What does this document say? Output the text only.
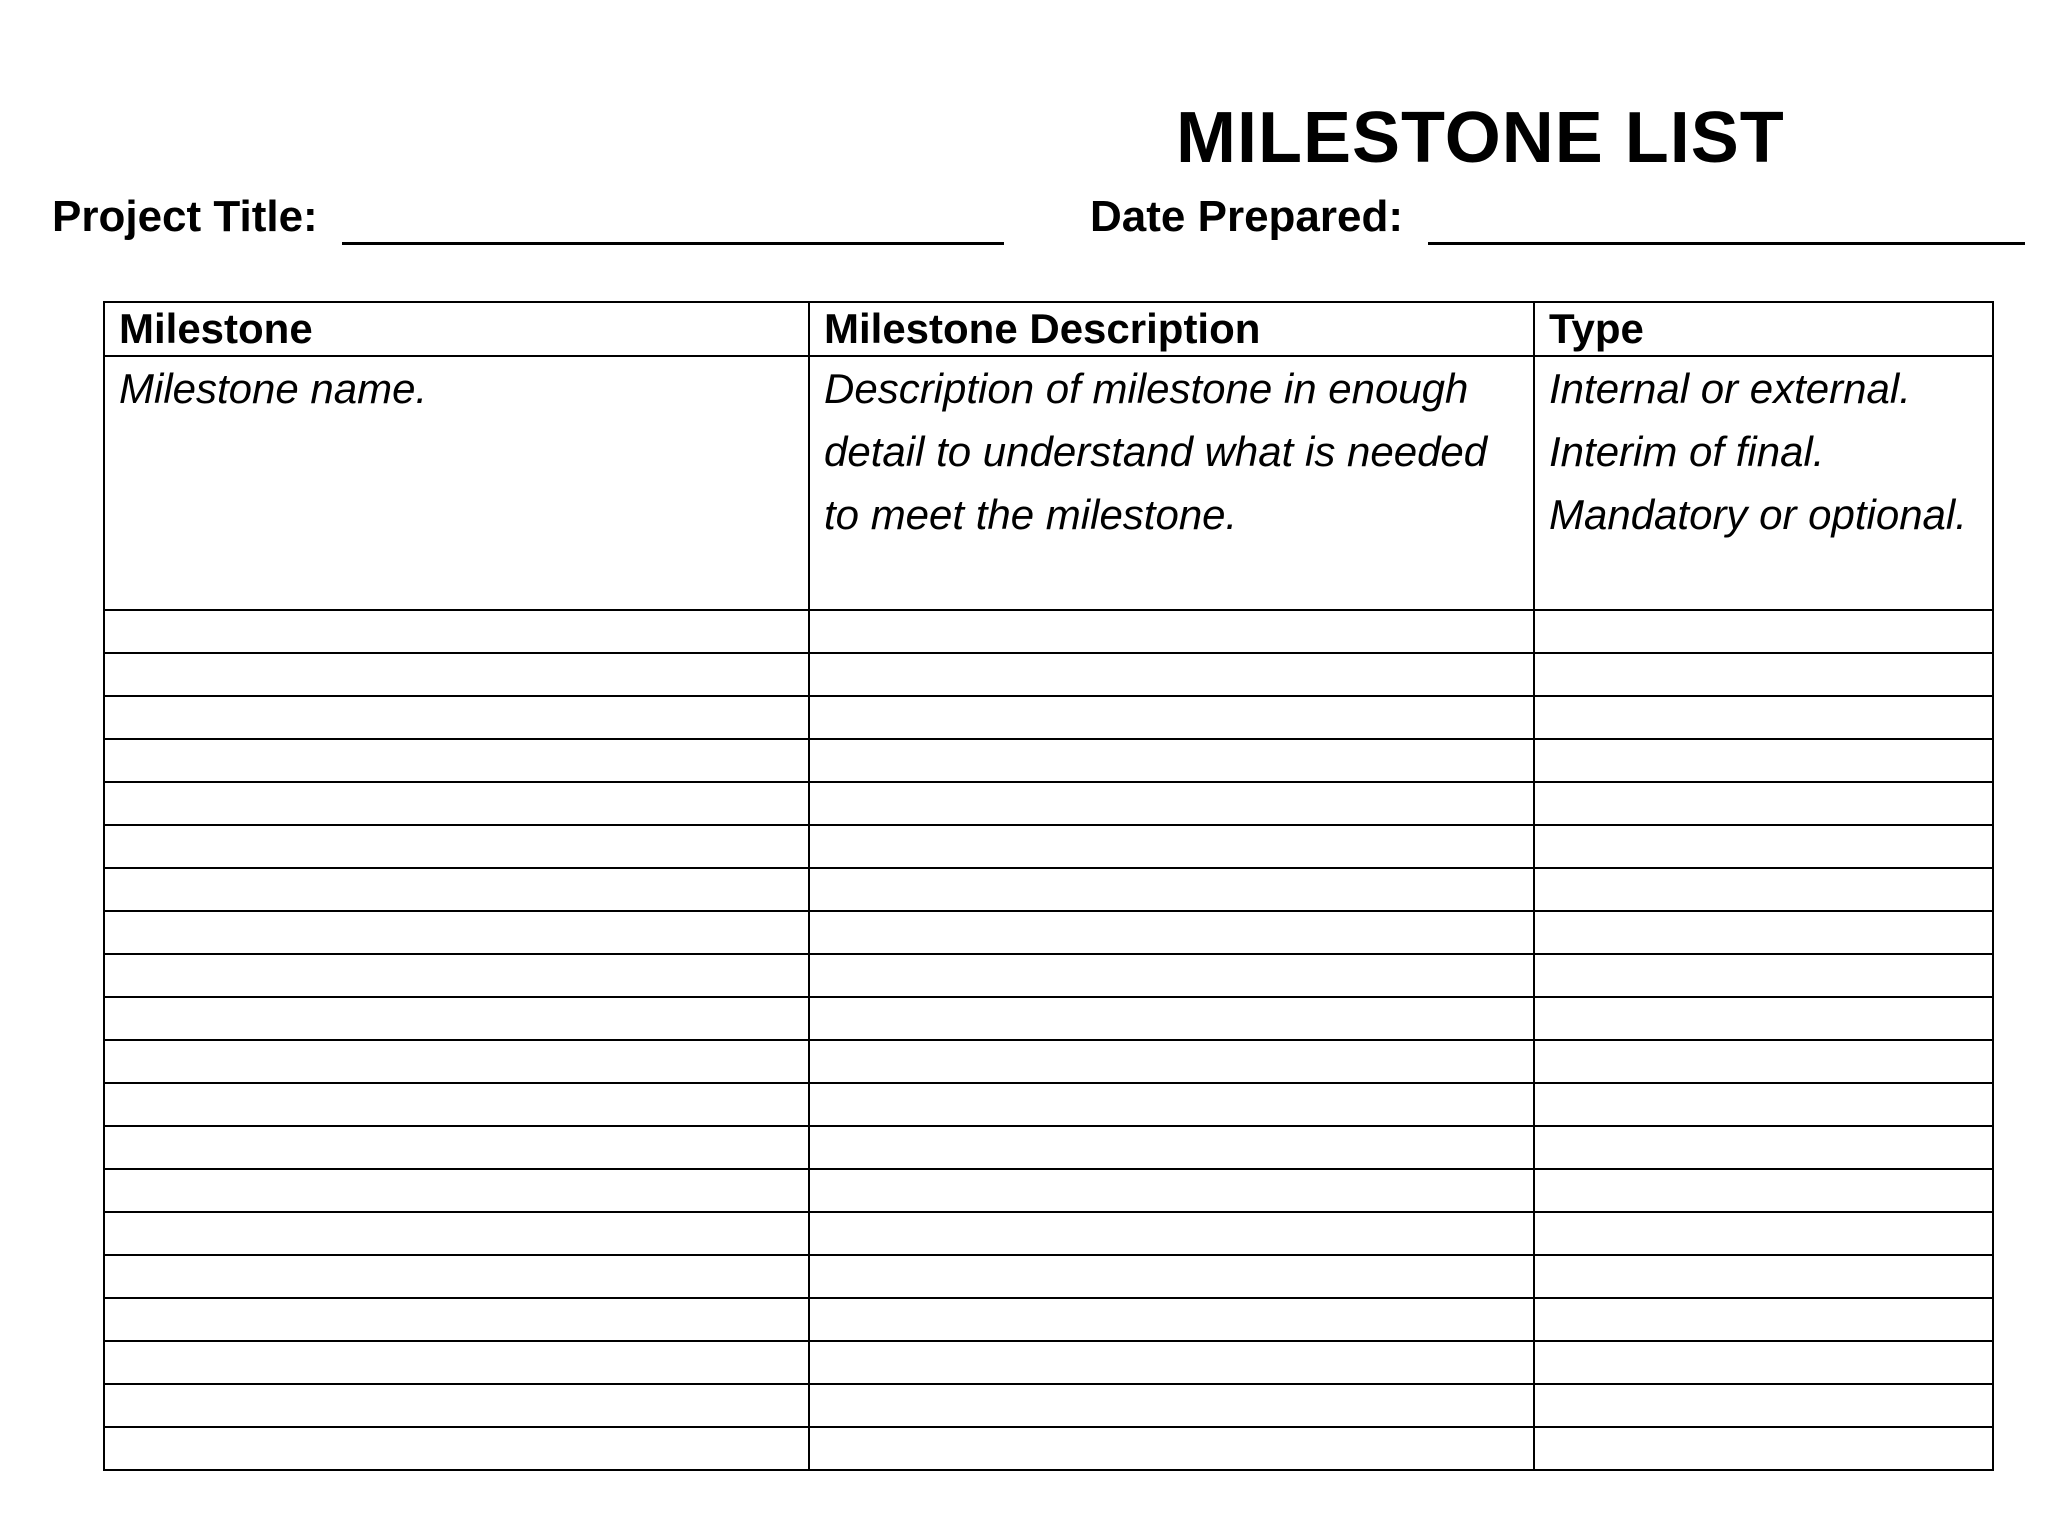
MILESTONE LIST
Project Title:	Date Prepared:
Milestone	Milestone Description	Type
Milestone name.	Description of milestone in enough detail to understand what is needed to meet the milestone.	Internal or external. Interim of final. Mandatory or optional.
